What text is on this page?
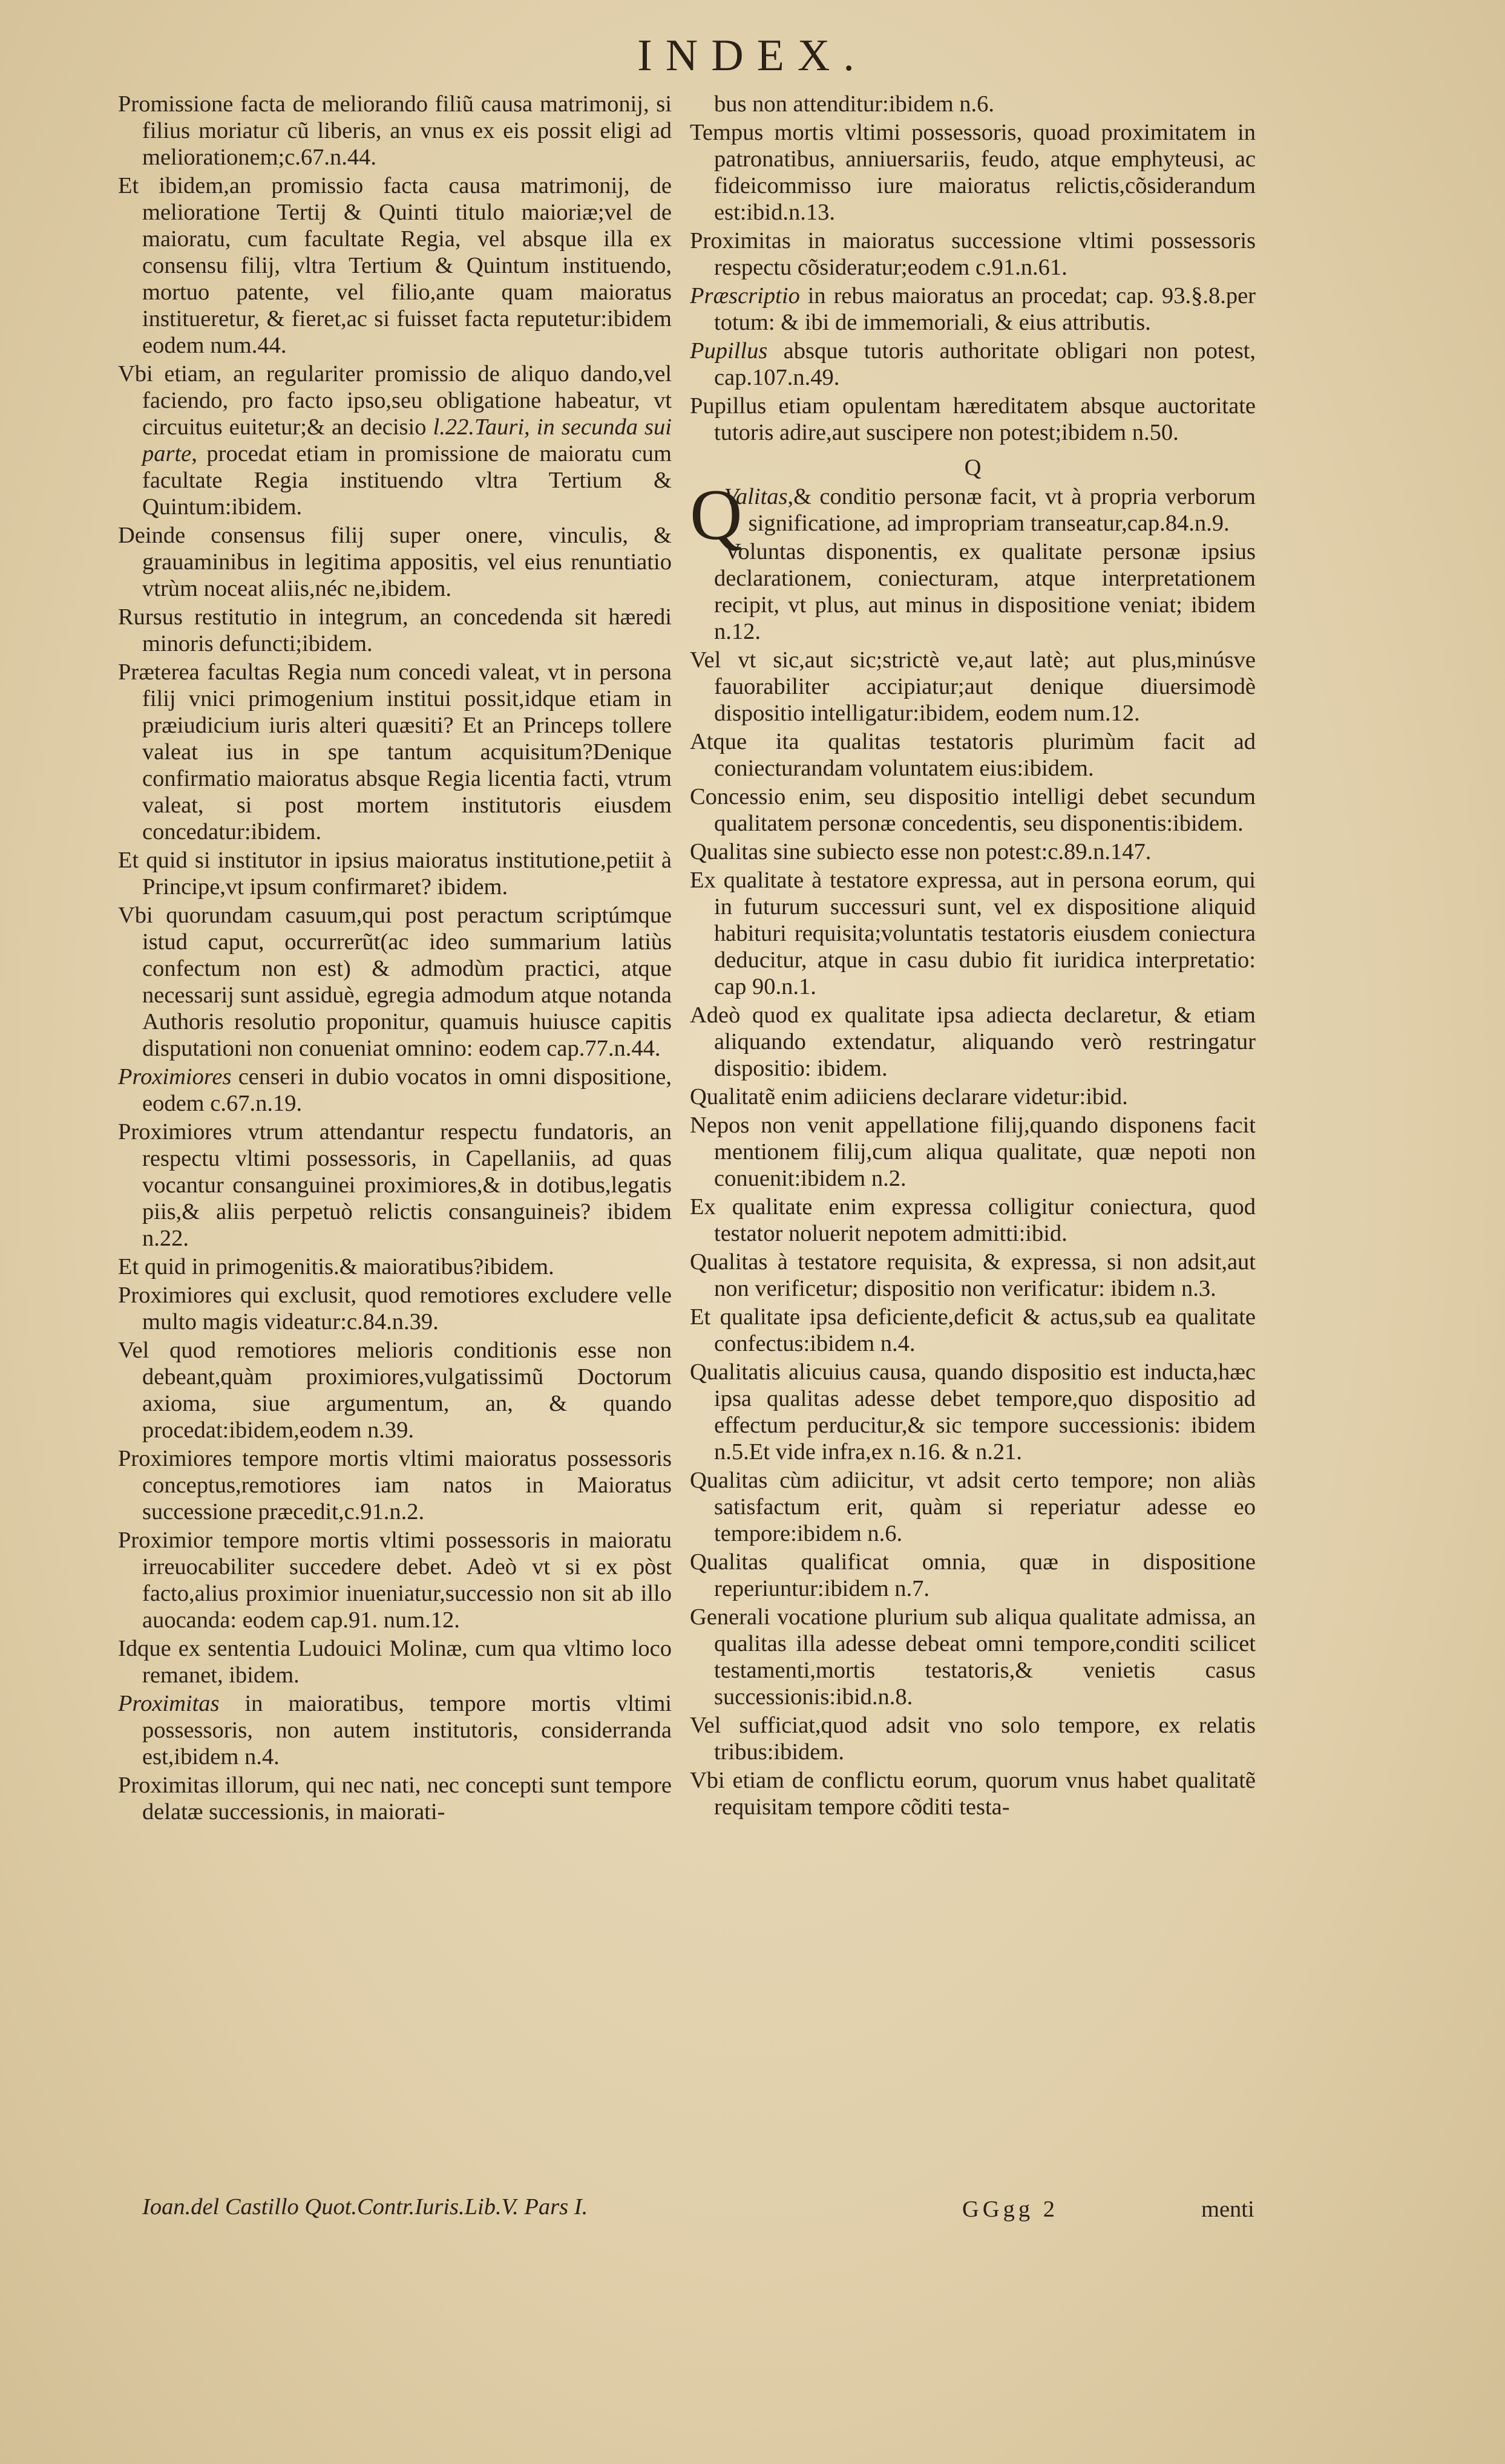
INDEX.

Promissione facta de meliorando filiũ causa matrimonij, si filius moriatur cũ liberis, an vnus ex eis possit eligi ad meliorationem;c.67.n.44.

Et ibidem,an promissio facta causa matrimonij, de melioratione Tertij & Quinti titulo maioriæ;vel de maioratu, cum facultate Regia, vel absque illa ex consensu filij, vltra Tertium & Quintum instituendo, mortuo patente, vel filio,ante quam maioratus institueretur, & fieret,ac si fuisset facta reputetur:ibidem eodem num.44.

Vbi etiam, an regulariter promissio de aliquo dando,vel faciendo, pro facto ipso,seu obligatione habeatur, vt circuitus euitetur;& an decisio l.22.Tauri, in secunda sui parte, procedat etiam in promissione de maioratu cum facultate Regia instituendo vltra Tertium & Quintum:ibidem.

Deinde consensus filij super onere, vinculis, & grauaminibus in legitima appositis, vel eius renuntiatio vtrùm noceat aliis,néc ne,ibidem.

Rursus restitutio in integrum, an concedenda sit hæredi minoris defuncti;ibidem.

Præterea facultas Regia num concedi valeat, vt in persona filij vnici primogenium institui possit,idque etiam in præiudicium iuris alteri quæsiti? Et an Princeps tollere valeat ius in spe tantum acquisitum?Denique confirmatio maioratus absque Regia licentia facti, vtrum valeat, si post mortem institutoris eiusdem concedatur:ibidem.

Et quid si institutor in ipsius maioratus institutione,petiit à Principe,vt ipsum confirmaret? ibidem.

Vbi quorundam casuum,qui post peractum scriptúmque istud caput, occurrerũt(ac ideo summarium latiùs confectum non est) & admodùm practici, atque necessarij sunt assiduè, egregia admodum atque notanda Authoris resolutio proponitur, quamuis huiusce capitis disputationi non conueniat omnino: eodem cap.77.n.44.

Proximiores censeri in dubio vocatos in omni dispositione, eodem c.67.n.19.

Proximiores vtrum attendantur respectu fundatoris, an respectu vltimi possessoris, in Capellaniis, ad quas vocantur consanguinei proximiores,& in dotibus,legatis piis,& aliis perpetuò relictis consanguineis? ibidem n.22.

Et quid in primogenitis.& maioratibus?ibidem.

Proximiores qui exclusit, quod remotiores excludere velle multo magis videatur:c.84.n.39.

Vel quod remotiores melioris conditionis esse non debeant,quàm proximiores,vulgatissimũ Doctorum axioma, siue argumentum, an, & quando procedat:ibidem,eodem n.39.

Proximiores tempore mortis vltimi maioratus possessoris conceptus,remotiores iam natos in Maioratus successione præcedit,c.91.n.2.

Proximior tempore mortis vltimi possessoris in maioratu irreuocabiliter succedere debet. Adeò vt si ex pòst facto,alius proximior inueniatur,successio non sit ab illo auocanda: eodem cap.91. num.12.

Idque ex sententia Ludouici Molinæ, cum qua vltimo loco remanet, ibidem.

Proximitas in maioratibus, tempore mortis vltimi possessoris, non autem institutoris, considerranda est,ibidem n.4.

Proximitas illorum, qui nec nati, nec concepti sunt tempore delatæ successionis, in maiorati-

bus non attenditur:ibidem n.6.

Tempus mortis vltimi possessoris, quoad proximitatem in patronatibus, anniuersariis, feudo, atque emphyteusi, ac fideicommisso iure maioratus relictis,cõsiderandum est:ibid.n.13.

Proximitas in maioratus successione vltimi possessoris respectu cõsideratur;eodem c.91.n.61.

Præscriptio in rebus maioratus an procedat; cap. 93.§.8.per totum: & ibi de immemoriali, & eius attributis.

Pupillus absque tutoris authoritate obligari non potest, cap.107.n.49.

Pupillus etiam opulentam hæreditatem absque auctoritate tutoris adire,aut suscipere non potest;ibidem n.50.

Q
Q

Valitas,& conditio personæ facit, vt à propria verborum significatione, ad impropriam transeatur,cap.84.n.9.

Voluntas disponentis, ex qualitate personæ ipsius declarationem, coniecturam, atque interpretationem recipit, vt plus, aut minus in dispositione veniat; ibidem n.12.

Vel vt sic,aut sic;strictè ve,aut latè; aut plus,minúsve fauorabiliter accipiatur;aut denique diuersimodè dispositio intelligatur:ibidem, eodem num.12.

Atque ita qualitas testatoris plurimùm facit ad coniecturandam voluntatem eius:ibidem.

Concessio enim, seu dispositio intelligi debet secundum qualitatem personæ concedentis, seu disponentis:ibidem.

Qualitas sine subiecto esse non potest:c.89.n.147.

Ex qualitate à testatore expressa, aut in persona eorum, qui in futurum successuri sunt, vel ex dispositione aliquid habituri requisita;voluntatis testatoris eiusdem coniectura deducitur, atque in casu dubio fit iuridica interpretatio: cap 90.n.1.

Adeò quod ex qualitate ipsa adiecta declaretur, & etiam aliquando extendatur, aliquando verò restringatur dispositio: ibidem.

Qualitatẽ enim adiiciens declarare videtur:ibid.

Nepos non venit appellatione filij,quando disponens facit mentionem filij,cum aliqua qualitate, quæ nepoti non conuenit:ibidem n.2.

Ex qualitate enim expressa colligitur coniectura, quod testator noluerit nepotem admitti:ibid.

Qualitas à testatore requisita, & expressa, si non adsit,aut non verificetur; dispositio non verificatur: ibidem n.3.

Et qualitate ipsa deficiente,deficit & actus,sub ea qualitate confectus:ibidem n.4.

Qualitatis alicuius causa, quando dispositio est inducta,hæc ipsa qualitas adesse debet tempore,quo dispositio ad effectum perducitur,& sic tempore successionis: ibidem n.5.Et vide infra,ex n.16. & n.21.

Qualitas cùm adiicitur, vt adsit certo tempore; non aliàs satisfactum erit, quàm si reperiatur adesse eo tempore:ibidem n.6.

Qualitas qualificat omnia, quæ in dispositione reperiuntur:ibidem n.7.

Generali vocatione plurium sub aliqua qualitate admissa, an qualitas illa adesse debeat omni tempore,conditi scilicet testamenti,mortis testatoris,& venietis casus successionis:ibid.n.8.

Vel sufficiat,quod adsit vno solo tempore, ex relatis tribus:ibidem.

Vbi etiam de conflictu eorum, quorum vnus habet qualitatẽ requisitam tempore cõditi testa-

Ioan.del Castillo Quot.Contr.Iuris.Lib.V. Pars I.	GGgg 2	menti
